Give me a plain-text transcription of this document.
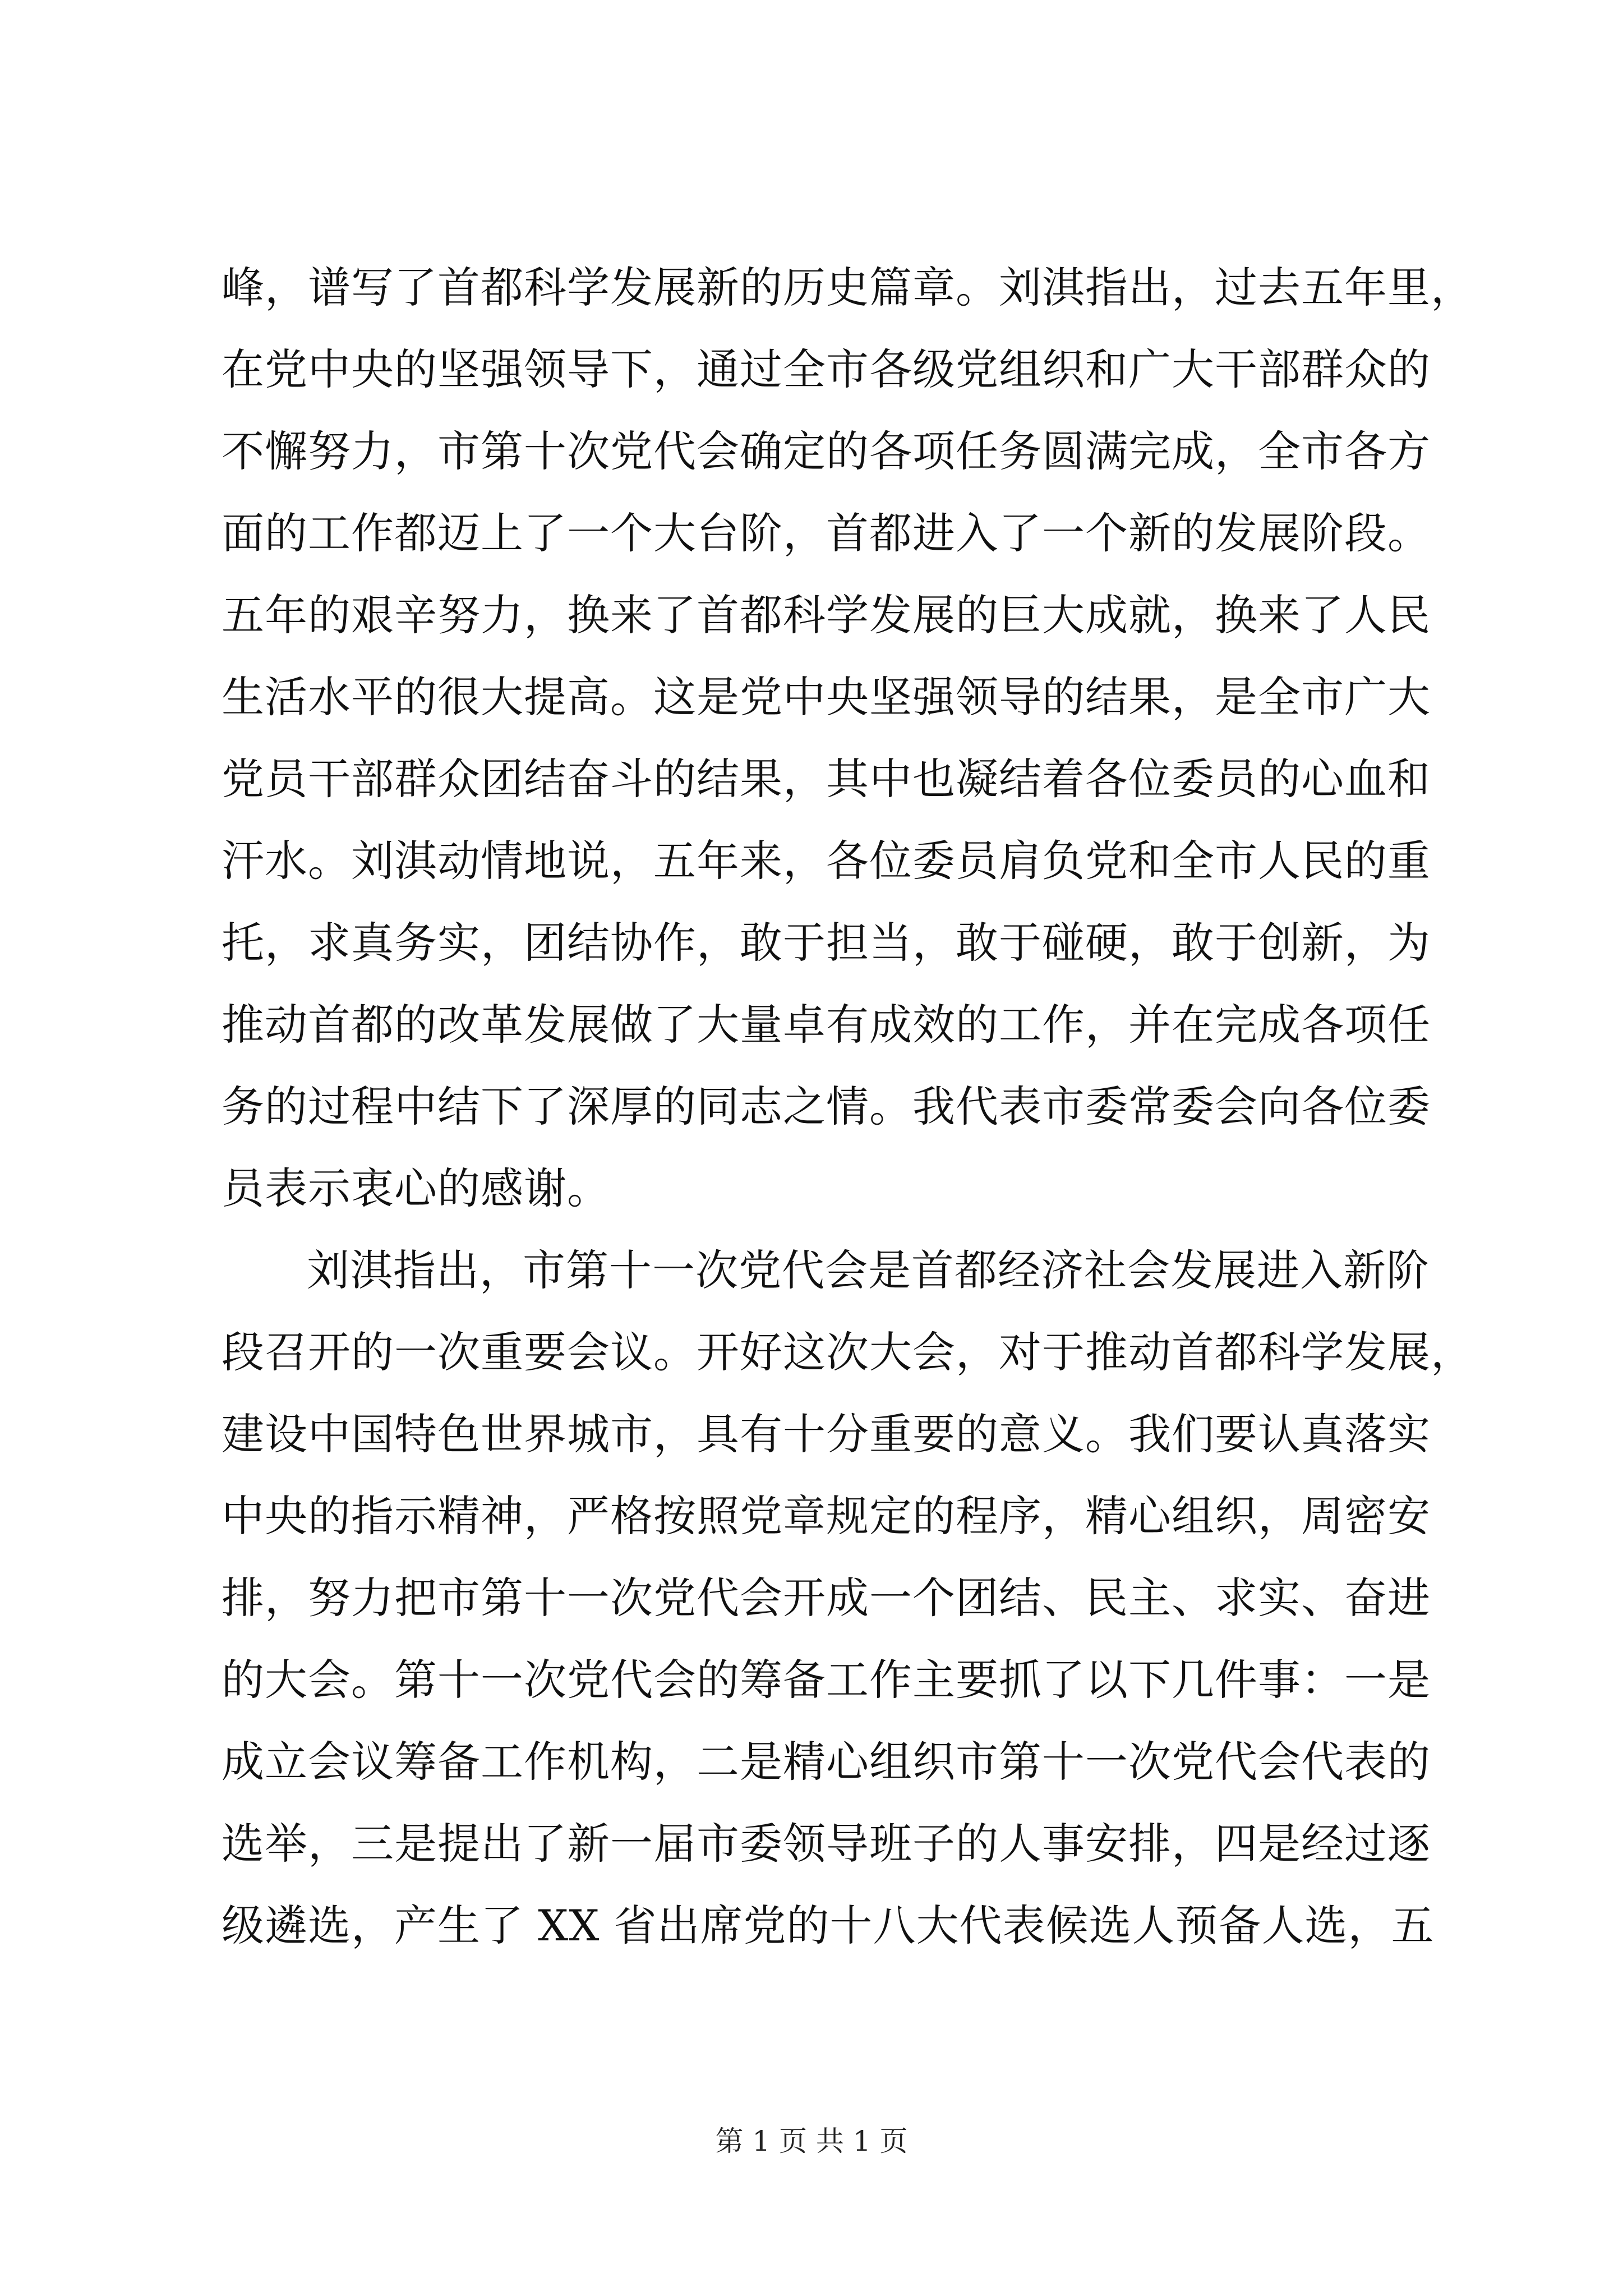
峰，谱写了首都科学发展新的历史篇章。刘淇指出，过去五年里，
在党中央的坚强领导下，通过全市各级党组织和广大干部群众的
不懈努力，市第十次党代会确定的各项任务圆满完成，全市各方
面的工作都迈上了一个大台阶，首都进入了一个新的发展阶段。
五年的艰辛努力，换来了首都科学发展的巨大成就，换来了人民
生活水平的很大提高。这是党中央坚强领导的结果，是全市广大
党员干部群众团结奋斗的结果，其中也凝结着各位委员的心血和
汗水。刘淇动情地说，五年来，各位委员肩负党和全市人民的重
托，求真务实，团结协作，敢于担当，敢于碰硬，敢于创新，为
推动首都的改革发展做了大量卓有成效的工作，并在完成各项任
务的过程中结下了深厚的同志之情。我代表市委常委会向各位委
员表示衷心的感谢。
刘淇指出，市第十一次党代会是首都经济社会发展进入新阶
段召开的一次重要会议。开好这次大会，对于推动首都科学发展，
建设中国特色世界城市，具有十分重要的意义。我们要认真落实
中央的指示精神，严格按照党章规定的程序，精心组织，周密安
排，努力把市第十一次党代会开成一个团结、民主、求实、奋进
的大会。第十一次党代会的筹备工作主要抓了以下几件事：一是
成立会议筹备工作机构，二是精心组织市第十一次党代会代表的
选举，三是提出了新一届市委领导班子的人事安排，四是经过逐
级遴选，产生了 XX 省出席党的十八大代表候选人预备人选，五
第 1 页 共 1 页
